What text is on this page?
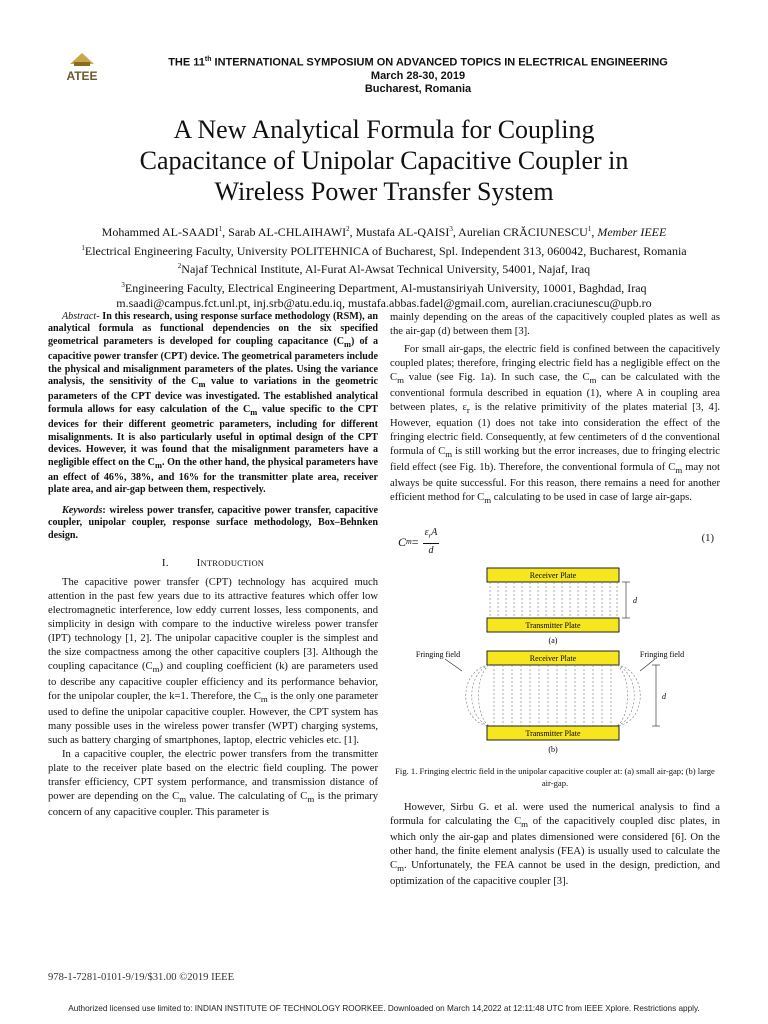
ATEE
THE 11th INTERNATIONAL SYMPOSIUM ON ADVANCED TOPICS IN ELECTRICAL ENGINEERING
March 28-30, 2019
Bucharest, Romania
A New Analytical Formula for Coupling
Capacitance of Unipolar Capacitive Coupler in
Wireless Power Transfer System
Mohammed AL-SAADI$^1$, Sarab AL-CHLAIHAWI$^2$, Mustafa AL-QAISI$^3$, Aurelian CRĂCIUNESCU$^1$, Member IEEE
$^1$Electrical Engineering Faculty, University POLITEHNICA of Bucharest, Spl. Independent 313, 060042, Bucharest, Romania
$^2$Najaf Technical Institute, Al-Furat Al-Awsat Technical University, 54001, Najaf, Iraq
$^3$Engineering Faculty, Electrical Engineering Department, Al-mustansiriyah University, 10001, Baghdad, Iraq
m.saadi@campus.fct.unl.pt, inj.srb@atu.edu.iq, mustafa.abbas.fadel@gmail.com, aurelian.craciunescu@upb.ro
Abstract- In this research, using response surface methodology (RSM), an analytical formula as functional dependencies on the six specified geometrical parameters is developed for coupling capacitance $(C_m)$ of a capacitive power transfer (CPT) device. The geometrical parameters include the physical and misalignment parameters of the plates. Using the variance analysis, the sensitivity of the $C_m$ value to variations in the geometric parameters of the CPT device was investigated. The established analytical formula allows for easy calculation of the $C_m$ value specific to the CPT devices for their different geometric parameters, including for different misalignments. It is also particularly useful in optimal design of the CPT devices. However, it was found that the misalignment parameters have a negligible effect on the $C_m$. On the other hand, the physical parameters have an effect of 46%, 38%, and 16% for the transmitter plate area, receiver plate area, and air-gap between them, respectively.
Keywords: wireless power transfer, capacitive power transfer, capacitive coupler, unipolar coupler, response surface methodology, Box–Behnken design.
I.	INTRODUCTION

The capacitive power transfer (CPT) technology has acquired much attention in the past few years due to its attractive features which offer low electromagnetic interference, low eddy current losses, less components, and simplicity in design with compare to the inductive wireless power transfer (IPT) technology [1, 2]. The unipolar capacitive coupler is the simplest and the size compactness among the other capacitive couplers [3]. Although the coupling capacitance $(C_m)$ and coupling coefficient (k) are parameters used to describe any capacitive coupler efficiency and its performance behavior, for the unipolar coupler, the k=1. Therefore, the $C_m$ is the only one parameter used to define the unipolar capacitive coupler. However, the CPT system has many possible uses in the wireless power transfer (WPT) charging systems, such as battery charging of smartphones, laptop, electric vehicles etc. [1].

In a capacitive coupler, the electric power transfers from the transmitter plate to the receiver plate based on the electric field coupling. The power transfer efficiency, CPT system performance, and transmission distance of power are depending on the $C_m$ value. The calculating of $C_m$ is the primary concern of any capacitive coupler. This parameter is

mainly depending on the areas of the capacitively coupled plates as well as the air-gap (d) between them [3].

For small air-gaps, the electric field is confined between the capacitively coupled plates; therefore, fringing electric field has a negligible effect on the $C_m$ value (see Fig. 1a). In such case, the $C_m$ can be calculated with the conventional formula described in equation (1), where A in coupling area between plates, $\varepsilon_r$ is the relative primitivity of the plates material [3, 4]. However, equation (1) does not take into consideration the effect of the fringing electric field. Consequently, at few centimeters of d the conventional formula of $C_m$ is still working but the error increases, due to fringing electric field effect (see Fig. 1b). Therefore, the conventional formula of $C_m$ may not always be quite successful. For this reason, there remains a need for another efficient method for $C_m$ calculating to be used in case of large air-gaps.

C $m = \frac{\varepsilon_rA}{d}$	(1)
Receiver Plate
Transmitter Plate
d
(a)
Fringing field	Fringing field
Receiver Plate
Transmitter Plate
d
(b)
Fig. 1. Fringing electric field in the unipolar capacitive coupler at: (a) small air-gap; (b) large air-gap.

However, Sirbu G. et al. were used the numerical analysis to find a formula for calculating the $C_m$ of the capacitively coupled disc plates, in which only the air-gap and plates dimensioned were considered [6]. On the other hand, the finite element analysis (FEA) is usually used to calculate the $C_m$. Unfortunately, the FEA cannot be used in the design, prediction, and optimization of the capacitive coupler [3].

978-1-7281-0101-9/19/$31.00 ©2019 IEEE
Authorized licensed use limited to: INDIAN INSTITUTE OF TECHNOLOGY ROORKEE. Downloaded on March 14,2022 at 12:11:48 UTC from IEEE Xplore. Restrictions apply.
